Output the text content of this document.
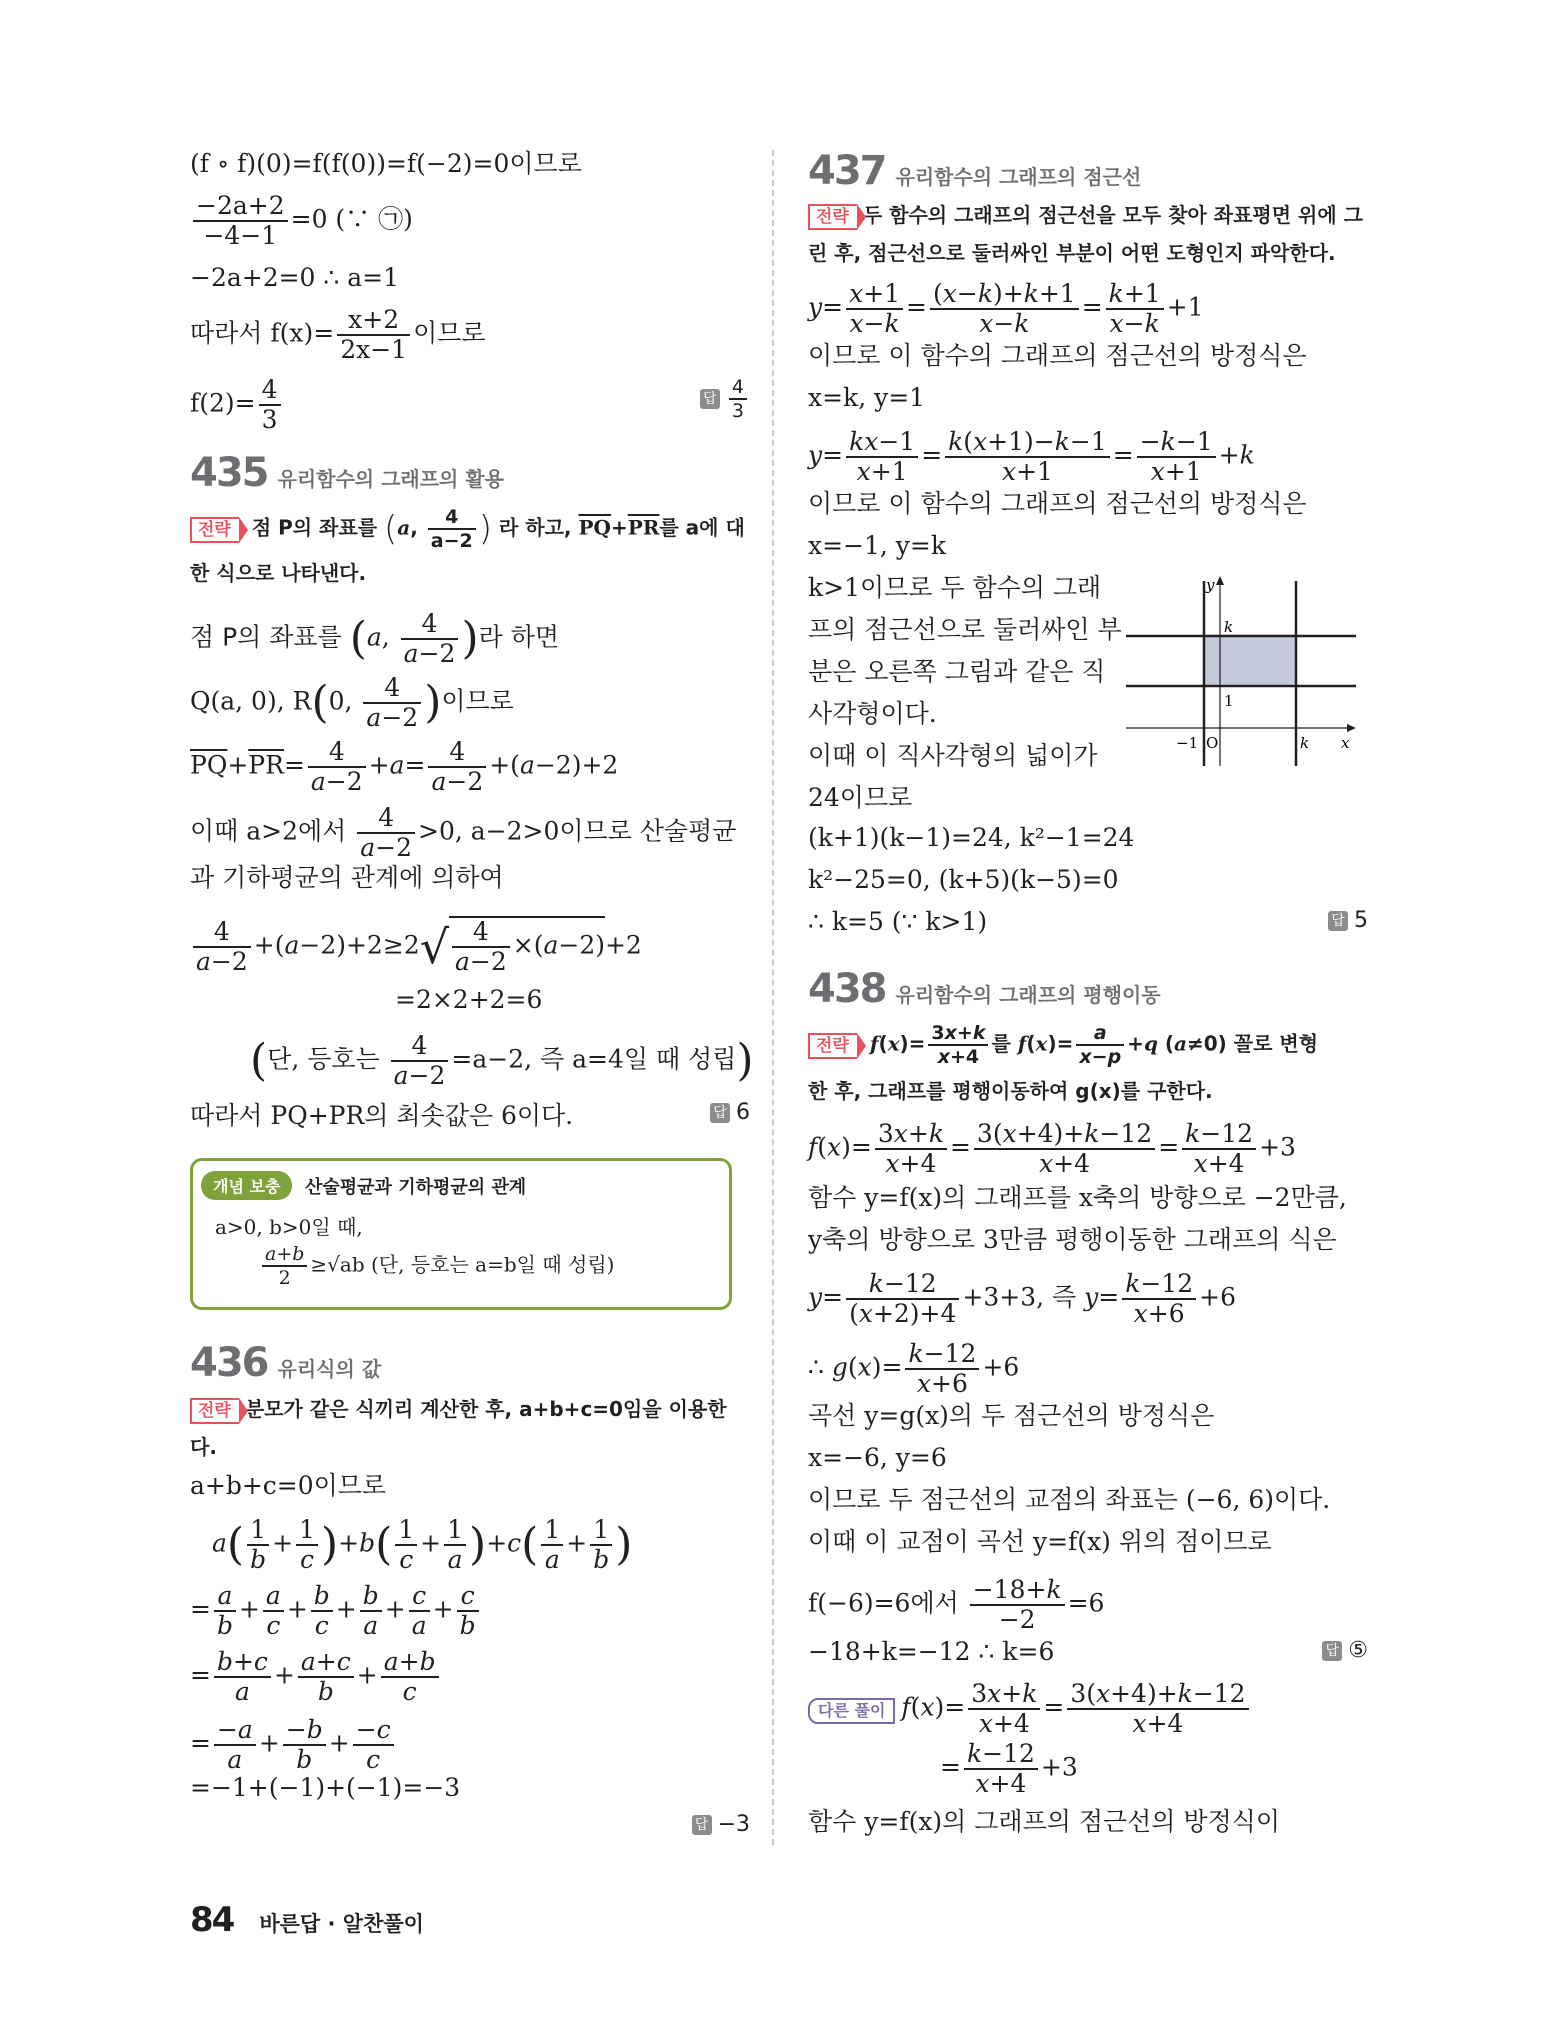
(f ∘ f)(0)=f(f(0))=f(−2)=0이므로
$\frac{-2a+2}{-4-1} =0$ (∵ ㉠)
−2a+2=0 ∴ a=1
따라서 $f(x)= \frac{x+2}{2x-1}$ 이므로
$f(2)= \frac{4}{3}$	답 $\frac{4}{3}$
435 유리함수의 그래프의 활용
전략 점 P의 좌표를 (a, $\frac{4}{a-2}$ ) 라 하고, $\overline{PQ}+\overline{PR}$를 a에 대
한 식으로 나타낸다.
점 P의 좌표를 (a, $\frac{4}{a-2}$ )라 하면
Q(a, 0), R(0, $\frac{4}{a-2}$ )이므로
$\overline{PQ}+\overline{PR}= \frac{4}{a-2} +a= \frac{4}{a-2} +(a-2)+2$
이때 a>2에서 $\frac{4}{a-2} >0$, a−2>0이므로 산술평균
과 기하평균의 관계에 의하여
$\frac{4}{a-2} +(a-2)+2\ge 2√ \frac{4}{a-2} \times(a-2)+2$
=2×2+2=6
(단, 등호는 $\frac{4}{a-2} =a-2$, 즉 a=4일 때 성립)
따라서 PQ+PR의 최솟값은 6이다.	답 6
개념 보충	산술평균과 기하평균의 관계
a>0, b>0일 때,
$\frac{a+b}{2} \ge√ab$ (단, 등호는 a=b일 때 성립)
436 유리식의 값
전략 분모가 같은 식끼리 계산한 후, a+b+c=0임을 이용한 다.
a+b+c=0이므로
$a( \frac{1}{b} + \frac{1}{c} )+b( \frac{1}{c} + \frac{1}{a} )+c( \frac{1}{a} + \frac{1}{b}$ )
= $\frac{a}{b} + \frac{a}{c} + \frac{b}{c} + \frac{b}{a} + \frac{c}{a} + \frac{c}{b}$
= $\frac{b+c}{a} + \frac{a+c}{b} + \frac{a+b}{c}$
= $\frac{-a}{a} + \frac{-b}{b} + \frac{-c}{c}$
=−1+(−1)+(−1)=−3
답 −3
437 유리함수의 그래프의 점근선
전략 두 함수의 그래프의 점근선을 모두 찾아 좌표평면 위에 그 린 후, 점근선으로 둘러싸인 부분이 어떤 도형인지 파악한다.
$y= \frac{x+1}{x-k} = \frac{(x-k)+k+1}{x-k} = \frac{k+1}{x-k} +1$
이므로 이 함수의 그래프의 점근선의 방정식은
x=k, y=1
$y= \frac{kx-1}{x+1} = \frac{k(x+1)-k-1}{x+1} = \frac{-k-1}{x+1} +k$
이므로 이 함수의 그래프의 점근선의 방정식은
x=−1, y=k
k>1이므로 두 함수의 그래
프의 점근선으로 둘러싸인 부
분은 오른쪽 그림과 같은 직
사각형이다.
이때 이 직사각형의 넓이가
24이므로
y
x
k
1
−1 O	k
(k+1)(k−1)=24, k²−1=24
k²−25=0, (k+5)(k−5)=0
∴ k=5 (∵ k>1)	답 5
438 유리함수의 그래프의 평행이동
전략 $f(x)= \frac{3x+k}{x+4}$ 를 $f(x)= \frac{a}{x-p} +q$ (a≠0) 꼴로 변형
한 후, 그래프를 평행이동하여 g(x)를 구한다.
$f(x)= \frac{3x+k}{x+4} = \frac{3(x+4)+k-12}{x+4} = \frac{k-12}{x+4} +3$
함수 y=f(x)의 그래프를 x축의 방향으로 −2만큼,
y축의 방향으로 3만큼 평행이동한 그래프의 식은
$y= \frac{k-12}{(x+2)+4} +3+3$, 즉 $y= \frac{k-12}{x+6} +6$
∴ $g(x)= \frac{k-12}{x+6} +6$
곡선 y=g(x)의 두 점근선의 방정식은
x=−6, y=6
이므로 두 점근선의 교점의 좌표는 (−6, 6)이다.
이때 이 교점이 곡선 y=f(x) 위의 점이므로
f(−6)=6에서 $\frac{-18+k}{-2} =6$
−18+k=−12 ∴ k=6	답 ⑤
다른 풀이 $f(x)= \frac{3x+k}{x+4} = \frac{3(x+4)+k-12}{x+4}$
= $\frac{k-12}{x+4} +3$
함수 y=f(x)의 그래프의 점근선의 방정식이
84 바른답 · 알찬풀이
